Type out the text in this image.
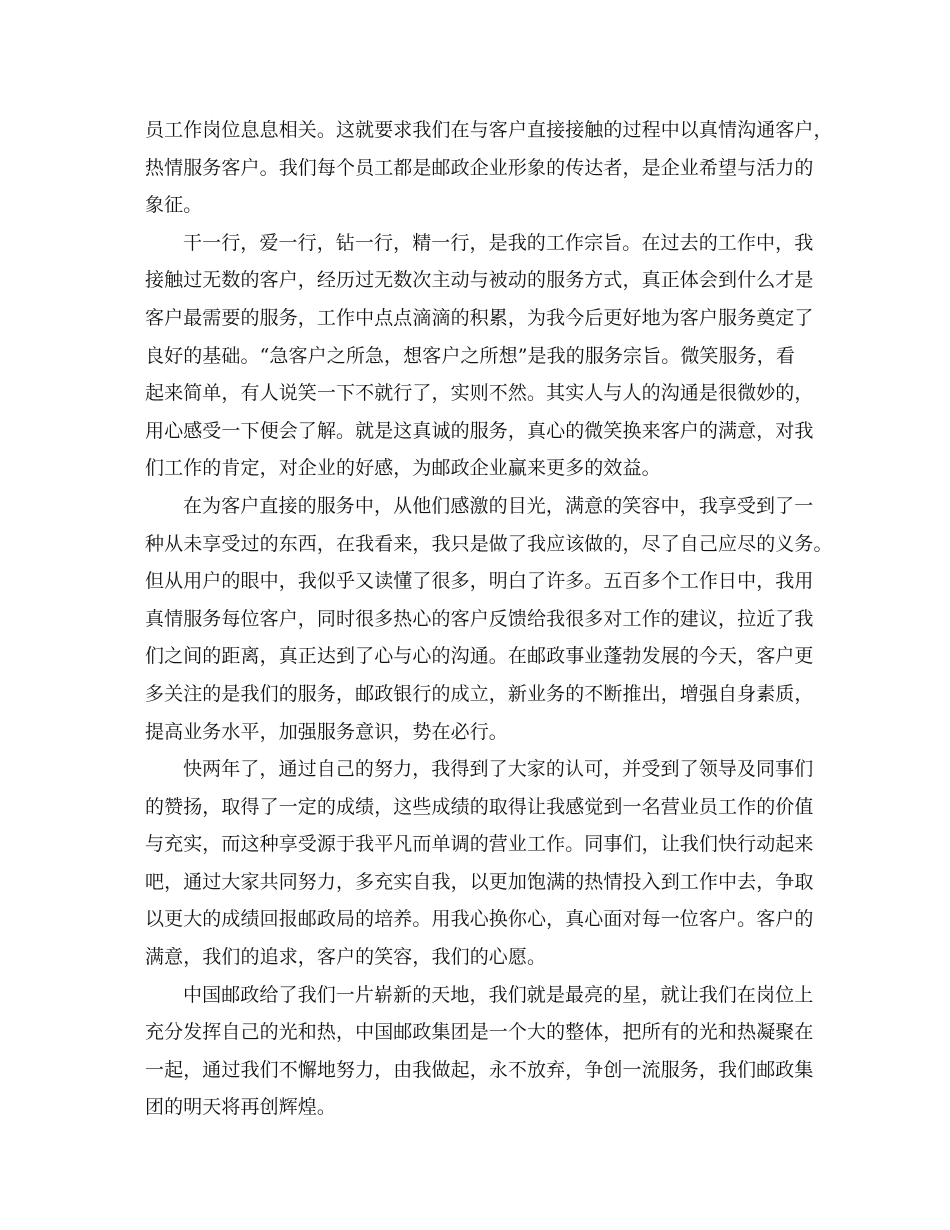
员工作岗位息息相关。这就要求我们在与客户直接接触的过程中以真情沟通客户，
热情服务客户。我们每个员工都是邮政企业形象的传达者，是企业希望与活力的
象征。

干一行，爱一行，钻一行，精一行，是我的工作宗旨。在过去的工作中，我
接触过无数的客户，经历过无数次主动与被动的服务方式，真正体会到什么才是
客户最需要的服务，工作中点点滴滴的积累，为我今后更好地为客户服务奠定了
良好的基础。“急客户之所急，想客户之所想”是我的服务宗旨。微笑服务，看
起来简单，有人说笑一下不就行了，实则不然。其实人与人的沟通是很微妙的，
用心感受一下便会了解。就是这真诚的服务，真心的微笑换来客户的满意，对我
们工作的肯定，对企业的好感，为邮政企业赢来更多的效益。

在为客户直接的服务中，从他们感激的目光，满意的笑容中，我享受到了一
种从未享受过的东西，在我看来，我只是做了我应该做的，尽了自己应尽的义务。
但从用户的眼中，我似乎又读懂了很多，明白了许多。五百多个工作日中，我用
真情服务每位客户，同时很多热心的客户反馈给我很多对工作的建议，拉近了我
们之间的距离，真正达到了心与心的沟通。在邮政事业蓬勃发展的今天，客户更
多关注的是我们的服务，邮政银行的成立，新业务的不断推出，增强自身素质，
提高业务水平，加强服务意识，势在必行。

快两年了，通过自己的努力，我得到了大家的认可，并受到了领导及同事们
的赞扬，取得了一定的成绩，这些成绩的取得让我感觉到一名营业员工作的价值
与充实，而这种享受源于我平凡而单调的营业工作。同事们，让我们快行动起来
吧，通过大家共同努力，多充实自我，以更加饱满的热情投入到工作中去，争取
以更大的成绩回报邮政局的培养。用我心换你心，真心面对每一位客户。客户的
满意，我们的追求，客户的笑容，我们的心愿。

中国邮政给了我们一片崭新的天地，我们就是最亮的星，就让我们在岗位上
充分发挥自己的光和热，中国邮政集团是一个大的整体，把所有的光和热凝聚在
一起，通过我们不懈地努力，由我做起，永不放弃，争创一流服务，我们邮政集
团的明天将再创辉煌。
